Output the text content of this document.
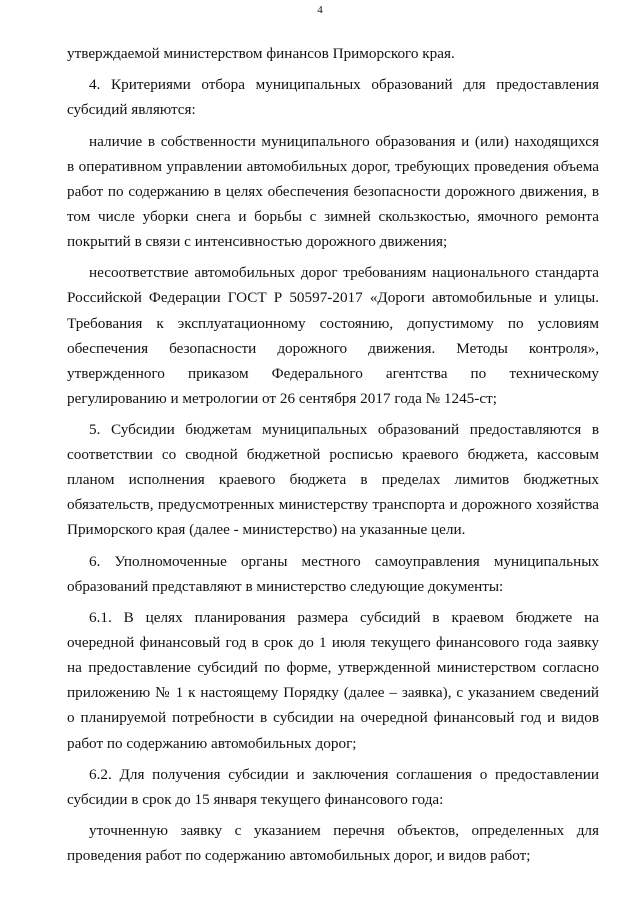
4
утверждаемой министерством финансов Приморского края.
4. Критериями отбора муниципальных образований для предоставления
субсидий являются:
наличие в собственности муниципального образования и (или) находящихся
в оперативном управлении автомобильных дорог, требующих проведения объема
работ по содержанию в целях обеспечения безопасности дорожного движения, в
том числе уборки снега и борьбы с зимней скользкостью, ямочного ремонта
покрытий в связи с интенсивностью дорожного движения;
несоответствие автомобильных дорог требованиям национального стандарта
Российской Федерации ГОСТ Р 50597-2017 «Дороги автомобильные и улицы.
Требования к эксплуатационному состоянию, допустимому по условиям
обеспечения безопасности дорожного движения. Методы контроля»,
утвержденного приказом Федерального агентства по техническому
регулированию и метрологии от 26 сентября 2017 года № 1245-ст;
5. Субсидии бюджетам муниципальных образований предоставляются в
соответствии со сводной бюджетной росписью краевого бюджета, кассовым
планом исполнения краевого бюджета в пределах лимитов бюджетных
обязательств, предусмотренных министерству транспорта и дорожного хозяйства
Приморского края (далее - министерство) на указанные цели.
6. Уполномоченные органы местного самоуправления муниципальных
образований представляют в министерство следующие документы:
6.1. В целях планирования размера субсидий в краевом бюджете на
очередной финансовый год в срок до 1 июля текущего финансового года заявку
на предоставление субсидий по форме, утвержденной министерством согласно
приложению № 1 к настоящему Порядку (далее – заявка), с указанием сведений
о планируемой потребности в субсидии на очередной финансовый год и видов
работ по содержанию автомобильных дорог;
6.2. Для получения субсидии и заключения соглашения о предоставлении
субсидии в срок до 15 января текущего финансового года:
уточненную заявку с указанием перечня объектов, определенных для
проведения работ по содержанию автомобильных дорог, и видов работ;
